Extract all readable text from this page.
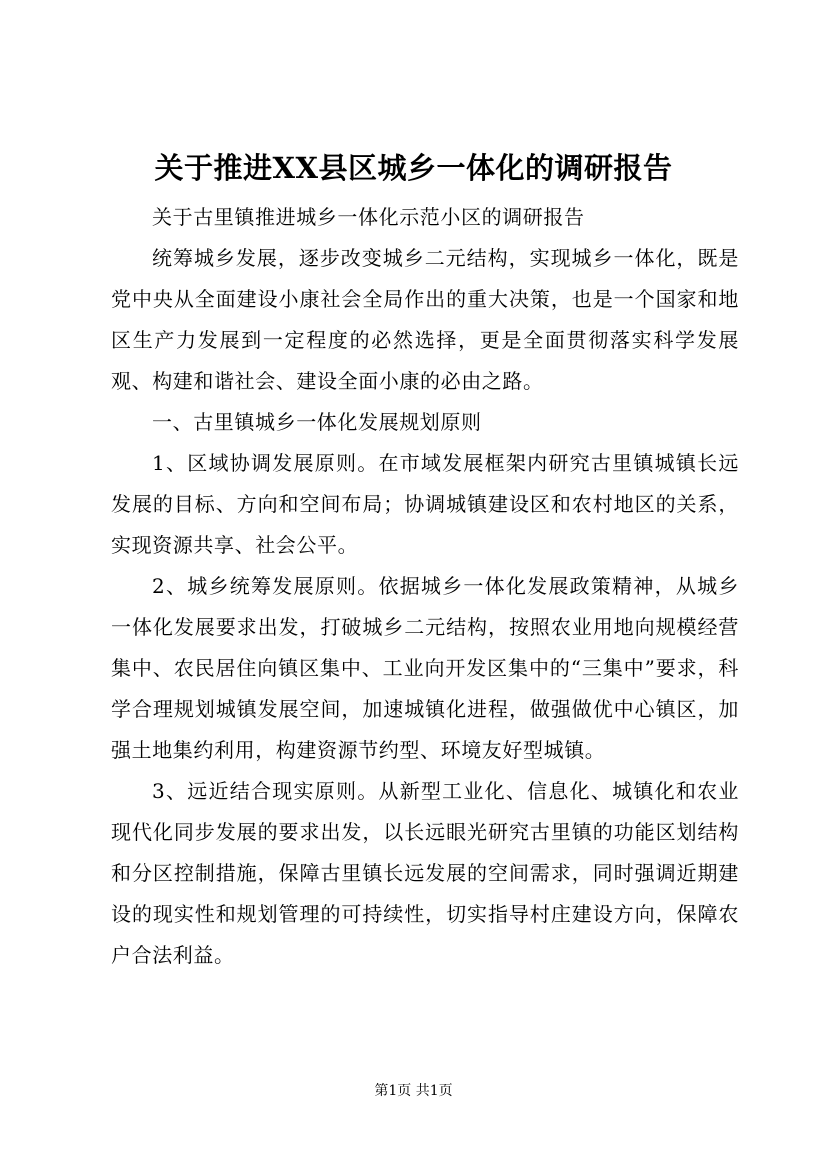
关于推进XX县区城乡一体化的调研报告

关于古里镇推进城乡一体化示范小区的调研报告

统筹城乡发展，逐步改变城乡二元结构，实现城乡一体化，既是党中央从全面建设小康社会全局作出的重大决策，也是一个国家和地区生产力发展到一定程度的必然选择，更是全面贯彻落实科学发展观、构建和谐社会、建设全面小康的必由之路。

一、古里镇城乡一体化发展规划原则

1、区域协调发展原则。在市域发展框架内研究古里镇城镇长远发展的目标、方向和空间布局；协调城镇建设区和农村地区的关系，实现资源共享、社会公平。

2、城乡统筹发展原则。依据城乡一体化发展政策精神，从城乡一体化发展要求出发，打破城乡二元结构，按照农业用地向规模经营集中、农民居住向镇区集中、工业向开发区集中的“三集中”要求，科学合理规划城镇发展空间，加速城镇化进程，做强做优中心镇区，加强土地集约利用，构建资源节约型、环境友好型城镇。

3、远近结合现实原则。从新型工业化、信息化、城镇化和农业现代化同步发展的要求出发，以长远眼光研究古里镇的功能区划结构和分区控制措施，保障古里镇长远发展的空间需求，同时强调近期建设的现实性和规划管理的可持续性，切实指导村庄建设方向，保障农户合法利益。

第1页 共1页
